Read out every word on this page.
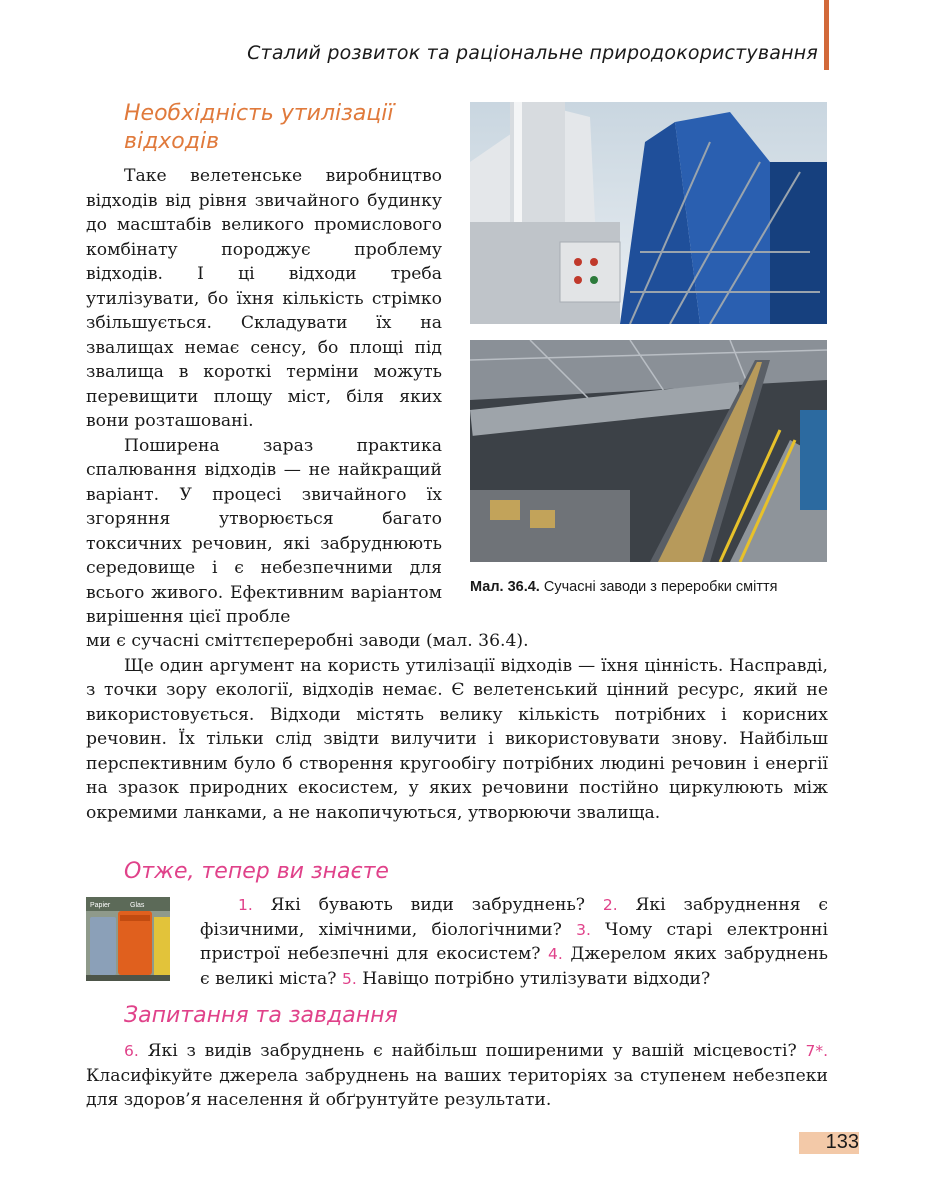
Сталий розвиток та раціональне природокористування
Необхідність утилізації
відходів

Таке велетенське виробництво відходів від рівня звичайного будинку до масштабів великого промислового комбінату породжує проблему відходів. І ці відходи треба утилізувати, бо їхня кількість стрімко збільшується. Складувати їх на звалищах немає сенсу, бо площі під звалища в короткі терміни можуть перевищити площу міст, біля яких вони розташовані.

Поширена зараз практика спалювання відходів — не найкращий варіант. У процесі звичайного їх згоряння утворюється багато токсичних речовин, які забруднюють середовище і є небезпечними для всього живого. Ефективним варіантом вирішення цієї пробле

Мал. 36.4. Сучасні заводи з переробки сміття

ми є сучасні сміттєпереробні заводи (мал. 36.4).

Ще один аргумент на користь утилізації відходів — їхня цінність. Насправді, з точки зору екології, відходів немає. Є велетенський цінний ресурс, який не використовується. Відходи містять велику кількість потрібних і корисних речовин. Їх тільки слід звідти вилучити і використовувати знову. Найбільш перспективним було б створення кругообігу потрібних людині речовин і енергії на зразок природних екосистем, у яких речовини постійно циркулюють між окремими ланками, а не накопичуються, утворюючи звалища.

Отже, тепер ви знаєте
Papier	Glas	1. Які бувають види забруднень? 2. Які забруднення є фізичними, хімічними, біологічними? 3. Чому старі електронні пристрої небезпечні для екосистем? 4. Джерелом яких забруднень є великі міста? 5. Навіщо потрібно утилізувати відходи?

Запитання та завдання

6. Які з видів забруднень є найбільш поширеними у вашій місцевості? 7*. Класифікуйте джерела забруднень на ваших територіях за ступенем небезпеки для здоров’я населення й обґрунтуйте результати.

133
